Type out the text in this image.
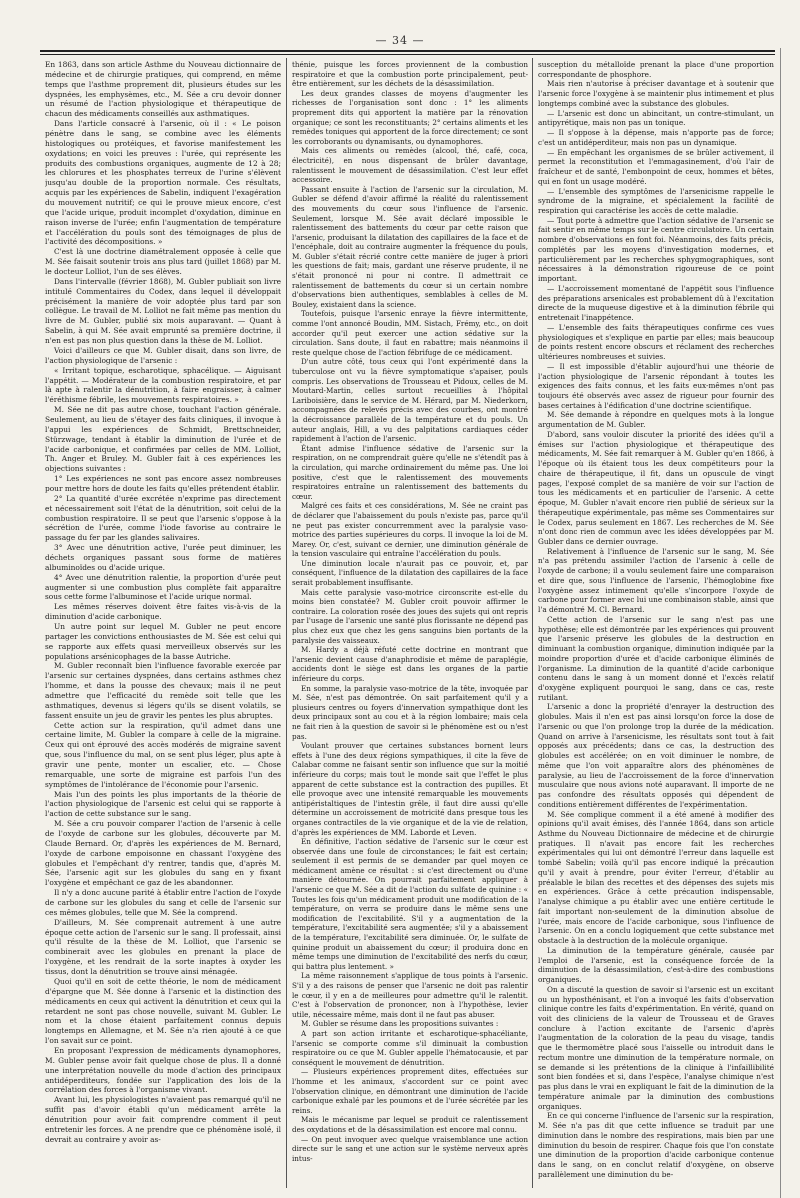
— 34 —

En 1863, dans son article Asthme du Nouveau dictionnaire de médecine et de chirurgie pratiques, qui comprend, en même temps que l'asthme proprement dit, plusieurs études sur les dyspnées, les emphysèmes, etc., M. Sée a cru devoir donner un résumé de l'action physiologique et thérapeutique de chacun des médicaments conseillés aux asthmatiques.

Dans l'article consacré à l'arsenic, où il : « Le poison pénètre dans le sang, se combine avec les éléments histologiques ou protéiques, et favorise manifestement les oxydations; en voici les preuves : l'urée, qui représente les produits des combustions organiques, augmente de 12 à 28; les chlorures et les phosphates terreux de l'urine s'élèvent jusqu'au double de la proportion normale. Ces résultats, acquis par les expériences de Sabelin, indiquent l'exagération du mouvement nutritif; ce qui le prouve mieux encore, c'est que l'acide urique, produit incomplet d'oxydation, diminue en raison inverse de l'urée; enfin l'augmentation de température et l'accélération du pouls sont des témoignages de plus de l'activité des décompositions. »

C'est là une doctrine diamétralement opposée à celle que M. Sée faisait soutenir trois ans plus tard (juillet 1868) par M. le docteur Lolliot, l'un de ses élèves.

Dans l'intervalle (février 1868), M. Gubler publiait son livre intitulé Commentaires du Codex, dans lequel il développait précisément la manière de voir adoptée plus tard par son collègue. Le travail de M. Lolliot ne fait même pas mention du livre de M. Gubler, publié six mois auparavant. — Quant à Sabelin, à qui M. Sée avait emprunté sa première doctrine, il n'en est pas non plus question dans la thèse de M. Lolliot.

Voici d'ailleurs ce que M. Gubler disait, dans son livre, de l'action physiologique de l'arsenic :

« Irritant topique, escharotique, sphacélique. — Aiguisant l'appétit. — Modérateur de la combustion respiratoire, et par là apte à ralentir la dénutrition, à faire engraisser, à calmer l'éréthisme fébrile, les mouvements respiratoires. »

M. Sée ne dit pas autre chose, touchant l'action générale. Seulement, au lieu de s'étayer des faits cliniques, il invoque à l'appui les expériences de Schmidt, Brettschneider, Stürzwage, tendant à établir la diminution de l'urée et de l'acide carbonique, et confirmées par celles de MM. Lolliot, Th. Anger et Bruley. M. Gubler fait à ces expériences les objections suivantes :

1° Les expériences ne sont pas encore assez nombreuses pour mettre hors de doute les faits qu'elles prétendent établir.

2° La quantité d'urée excrétée n'exprime pas directement et nécessairement soit l'état de la dénutrition, soit celui de la combustion respiratoire. Il se peut que l'arsenic s'oppose à la sécrétion de l'urée, comme l'iode favorise au contraire le passage du fer par les glandes salivaires.

3° Avec une dénutrition active, l'urée peut diminuer, les déchets organiques passant sous forme de matières albuminoïdes ou d'acide urique.

4° Avec une dénutrition ralentie, la proportion d'urée peut augmenter si une combustion plus complète fait apparaître sous cette forme l'albuminose et l'acide urique normal.

Les mêmes réserves doivent être faites vis-à-vis de la diminution d'acide carbonique.

Un autre point sur lequel M. Gubler ne peut encore partager les convictions enthousiastes de M. Sée est celui qui se rapporte aux effets quasi merveilleux observés sur les populations arsénicophages de la basse Autriche.

M. Gubler reconnaît bien l'influence favorable exercée par l'arsenic sur certaines dyspnées, dans certains asthmes chez l'homme, et dans la pousse des chevaux; mais il ne peut admettre que l'efficacité du remède soit telle que les asthmatiques, devenus si légers qu'ils se disent volatils, se fassent ensuite un jeu de gravir les pentes les plus abruptes.

Cette action sur la respiration, qu'il admet dans une certaine limite, M. Gubler la compare à celle de la migraine. Ceux qui ont éprouvé des accès modérés de migraine savent que, sous l'influence du mal, on se sent plus léger, plus apte à gravir une pente, monter un escalier, etc. — Chose remarquable, une sorte de migraine est parfois l'un des symptômes de l'intolérance de l'économie pour l'arsenic.

Mais l'un des points les plus importants de la théorie de l'action physiologique de l'arsenic est celui qui se rapporte à l'action de cette substance sur le sang.

M. Sée a cru pouvoir comparer l'action de l'arsenic à celle de l'oxyde de carbone sur les globules, découverte par M. Claude Bernard. Or, d'après les expériences de M. Bernard, l'oxyde de carbone empoisonne en chassant l'oxygène des globules et l'empêchant d'y rentrer, tandis que, d'après M. Sée, l'arsenic agit sur les globules du sang en y fixant l'oxygène et empêchant ce gaz de les abandonner.

Il n'y a donc aucune parité à établir entre l'action de l'oxyde de carbone sur les globules du sang et celle de l'arsenic sur ces mêmes globules, telle que M. Sée la comprend.

D'ailleurs, M. Sée comprenait autrement à une autre époque cette action de l'arsenic sur le sang. Il professait, ainsi qu'il résulte de la thèse de M. Lolliot, que l'arsenic se combinerait avec les globules en prenant la place de l'oxygène, et les rendrait de la sorte inaptes à oxyder les tissus, dont la dénutrition se trouve ainsi ménagée.

Quoi qu'il en soit de cette théorie, le nom de médicament d'épargne que M. Sée donne à l'arsenic et la distinction des médicaments en ceux qui activent la dénutrition et ceux qui la retardent ne sont pas chose nouvelle, suivant M. Gubler. Le nom et la chose étaient parfaitement connus depuis longtemps en Allemagne, et M. Sée n'a rien ajouté à ce que l'on savait sur ce point.

En proposant l'expression de médicaments dynamophores, M. Gubler pense avoir fait quelque chose de plus. Il a donné une interprétation nouvelle du mode d'action des principaux antidéperditeurs, fondée sur l'application des lois de la corrélation des forces à l'organisme vivant.

Avant lui, les physiologistes n'avaient pas remarqué qu'il ne suffit pas d'avoir établi qu'un médicament arrête la dénutrition pour avoir fait comprendre comment il peut entretenir les forces. A ne prendre que ce phénomène isolé, il devrait au contraire y avoir as-

thénie, puisque les forces proviennent de la combustion respiratoire et que la combustion porte principalement, peut-être entièrement, sur les déchets de la désassimilation.

Les deux grandes classes de moyens d'augmenter les richesses de l'organisation sont donc : 1° les aliments proprement dits qui apportent la matière par la rénovation organique; ce sont les reconstituants; 2° certains aliments et les remèdes toniques qui apportent de la force directement; ce sont les corroborants ou dynamisants, ou dynamophores.

Mais ces aliments ou remèdes (alcool, thé, café, coca, électricité), en nous dispensant de brûler davantage, ralentissent le mouvement de désassimilation. C'est leur effet accessoire.

Passant ensuite à l'action de l'arsenic sur la circulation, M. Gubler se défend d'avoir affirmé la réalité du ralentissement des mouvements du cœur sous l'influence de l'arsenic. Seulement, lorsque M. Sée avait déclaré impossible le ralentissement des battements du cœur par cette raison que l'arsenic, produisant la dilatation des capillaires de la face et de l'encéphale, doit au contraire augmenter la fréquence du pouls, M. Gubler s'était récrié contre cette manière de juger à priori les questions de fait; mais, gardant une réserve prudente, il ne s'était prononcé ni pour ni contre. Il admettrait ce ralentissement de battements du cœur si un certain nombre d'observations bien authentiques, semblables à celles de M. Bouley, existaient dans la science.

Toutefois, puisque l'arsenic enraye la fièvre intermittente, comme l'ont annoncé Boudin, MM. Sistach, Frémy, etc., on doit accorder qu'il peut exercer une action sédative sur la circulation. Sans doute, il faut en rabattre; mais néanmoins il reste quelque chose de l'action fébrifuge de ce médicament.

D'un autre côté, tous ceux qui l'ont expérimenté dans la tuberculose ont vu la fièvre symptomatique s'apaiser, pouls compris. Les observations de Trousseau et Pidoux, celles de M. Moutard-Martin, celles surtout recueillies à l'hôpital Lariboisière, dans le service de M. Hérard, par M. Niederkorn, accompagnées de relevés précis avec des courbes, ont montré la décroissance parallèle de la température et du pouls. Un auteur anglais, Hill, a vu des palpitations cardiaques céder rapidement à l'action de l'arsenic.

Étant admise l'influence sédative de l'arsenic sur la respiration, on ne comprendrait guère qu'elle ne s'étendît pas à la circulation, qui marche ordinairement du même pas. Une loi positive, c'est que le ralentissement des mouvements respiratoires entraîne un ralentissement des battements du cœur.

Malgré ces faits et ces considérations, M. Sée ne craint pas de déclarer que l'abaissement du pouls n'existe pas, parce qu'il ne peut pas exister concurremment avec la paralysie vaso-motrice des parties supérieures du corps. Il invoque la loi de M. Marey. Or, c'est, suivant ce dernier, une diminution générale de la tension vasculaire qui entraîne l'accélération du pouls.

Une diminution locale n'aurait pas ce pouvoir, et, par conséquent, l'influence de la dilatation des capillaires de la face serait probablement insuffisante.

Mais cette paralysie vaso-motrice circonscrite est-elle du moins bien constatée? M. Gubler croit pouvoir affirmer le contraire. La coloration rosée des joues des sujets qui ont repris par l'usage de l'arsenic une santé plus florissante ne dépend pas plus chez eux que chez les gens sanguins bien portants de la paralysie des vaisseaux.

M. Hardy a déjà réfuté cette doctrine en montrant que l'arsenic devient cause d'anaphrodisie et même de paraplégie, accidents dont le siège est dans les organes de la partie inférieure du corps.

En somme, la paralysie vaso-motrice de la tête, invoquée par M. Sée, n'est pas démontrée. On sait parfaitement qu'il y a plusieurs centres ou foyers d'innervation sympathique dont les deux principaux sont au cou et à la région lombaire; mais cela ne fait rien à la question de savoir si le phénomène est ou n'est pas.

Voulant prouver que certaines substances bornent leurs effets à l'une des deux régions sympathiques, il cite la fève de Calabar comme ne faisant sentir son influence que sur la moitié inférieure du corps; mais tout le monde sait que l'effet le plus apparent de cette substance est la contraction des pupilles. Et elle provoque avec une intensité remarquable les mouvements antipéristaltiques de l'intestin grêle, il faut dire aussi qu'elle détermine un accroissement de motricité dans presque tous les organes contractiles de la vie organique et de la vie de relation, d'après les expériences de MM. Laborde et Leven.

En définitive, l'action sédative de l'arsenic sur le cœur est observée dans une foule de circonstances; le fait est certain; seulement il est permis de se demander par quel moyen ce médicament amène ce résultat : si c'est directement ou d'une manière détournée. On pourrait parfaitement appliquer à l'arsenic ce que M. Sée a dit de l'action du sulfate de quinine : « Toutes les fois qu'un médicament produit une modification de la température, on verra se produire dans le même sens une modification de l'excitabilité. S'il y a augmentation de la température, l'excitabilité sera augmentée; s'il y a abaissement de la température, l'excitabilité sera diminuée. Or, le sulfate de quinine produit un abaissement du cœur; il produira donc en même temps une diminution de l'excitabilité des nerfs du cœur, qui battra plus lentement. »

La même raisonnement s'applique de tous points à l'arsenic. S'il y a des raisons de penser que l'arsenic ne doit pas ralentir le cœur, il y en a de meilleures pour admettre qu'il le ralentit. C'est à l'observation de prononcer, non à l'hypothèse, levier utile, nécessaire même, mais dont il ne faut pas abuser.

M. Gubler se résume dans les propositions suivantes :

A part son action irritante et escharotique-sphacéliante, l'arsenic se comporte comme s'il diminuait la combustion respiratoire ou ce que M. Gubler appelle l'hématocausie, et par conséquent le mouvement de dénutrition.

— Plusieurs expériences proprement dites, effectuées sur l'homme et les animaux, s'accordent sur ce point avec l'observation clinique, en démontrant une diminution de l'acide carbonique exhalé par les poumons et de l'urée sécrétée par les reins.

Mais le mécanisme par lequel se produit ce ralentissement des oxydations et de la désassimilation est encore mal connu.

— On peut invoquer avec quelque vraisemblance une action directe sur le sang et une action sur le système nerveux après intus-

susception du métalloïde prenant la place d'une proportion correspondante de phosphore.

Mais rien n'autorise à préciser davantage et à soutenir que l'arsenic force l'oxygène à se maintenir plus intimement et plus longtemps combiné avec la substance des globules.

— L'arsenic est donc un abincitant, un contre-stimulant, un antipyrétique, mais non pas un tonique.

— Il s'oppose à la dépense, mais n'apporte pas de force; c'est un antidéperditeur, mais non pas un dynamique.

— En empêchant les organismes de se brûler activement, il permet la reconstitution et l'emmagasinement, d'où l'air de fraîcheur et de santé, l'embonpoint de ceux, hommes et bêtes, qui en font un usage modéré.

— L'ensemble des symptômes de l'arsenicisme rappelle le syndrome de la migraine, et spécialement la facilité de respiration qui caractérise les accès de cette maladie.

— Tout porte à admettre que l'action sédative de l'arsenic se fait sentir en même temps sur le centre circulatoire. Un certain nombre d'observations en font foi. Néanmoins, des faits précis, complétés par les moyens d'investigation modernes, et particulièrement par les recherches sphygmographiques, sont nécessaires à la démonstration rigoureuse de ce point important.

— L'accroissement momentané de l'appétit sous l'influence des préparations arsenicales est probablement dû à l'excitation directe de la muqueuse digestive et à la diminution fébrile qui entretenait l'inappétence.

— L'ensemble des faits thérapeutiques confirme ces vues physiologiques et s'explique en partie par elles; mais beaucoup de points restent encore obscurs et réclament des recherches ultérieures nombreuses et suivies.

— Il est impossible d'établir aujourd'hui une théorie de l'action physiologique de l'arsenic répondant à toutes les exigences des faits connus, et les faits eux-mêmes n'ont pas toujours été observés avec assez de rigueur pour fournir des bases certaines à l'édification d'une doctrine scientifique.

M. Sée demande à répondre en quelques mots à la longue argumentation de M. Gubler.

D'abord, sans vouloir discuter la priorité des idées qu'il a émises sur l'action physiologique et thérapeutique des médicaments, M. Sée fait remarquer à M. Gubler qu'en 1866, à l'époque où ils étaient tous les deux compétiteurs pour la chaire de thérapeutique, il fit, dans un opuscule de vingt pages, l'exposé complet de sa manière de voir sur l'action de tous les médicaments et en particulier de l'arsenic. A cette époque, M. Gubler n'avait encore rien publié de sérieux sur la thérapeutique expérimentale, pas même ses Commentaires sur le Codex, parus seulement en 1867. Les recherches de M. Sée n'ont donc rien de commun avec les idées développées par M. Gubler dans ce dernier ouvrage.

Relativement à l'influence de l'arsenic sur le sang, M. Sée n'a pas prétendu assimiler l'action de l'arsenic à celle de l'oxyde de carbone; il a voulu seulement faire une comparaison et dire que, sous l'influence de l'arsenic, l'hémoglobine fixe l'oxygène assez intimement qu'elle s'incorpore l'oxyde de carbone pour former avec lui une combinaison stable, ainsi que l'a démontré M. Cl. Bernard.

Cette action de l'arsenic sur le sang n'est pas une hypothèse; elle est démontrée par les expériences qui prouvent que l'arsenic préserve les globules de la destruction en diminuant la combustion organique, diminution indiquée par la moindre proportion d'urée et d'acide carbonique éliminés de l'organisme. La diminution de la quantité d'acide carbonique contenu dans le sang à un moment donné et l'excès relatif d'oxygène expliquent pourquoi le sang, dans ce cas, reste rutilant.

L'arsenic a donc la propriété d'enrayer la destruction des globules. Mais il n'en est pas ainsi lorsqu'on force la dose de l'arsenic ou que l'on prolonge trop la durée de la médication. Quand on arrive à l'arsenicisme, les résultats sont tout à fait opposés aux précédents; dans ce cas, la destruction des globules est accélérée; on en voit diminuer le nombre, de même que l'on voit apparaître alors des phénomènes de paralysie, au lieu de l'accroissement de la force d'innervation musculaire que nous avions noté auparavant. Il importe de ne pas confondre des résultats opposés qui dépendent de conditions entièrement différentes de l'expérimentation.

M. Sée complique comment il a été amené à modifier des opinions qu'il avait émises, dès l'année 1864, dans son article Asthme du Nouveau Dictionnaire de médecine et de chirurgie pratiques. Il n'avait pas encore fait les recherches expérimentales qui lui ont démontré l'erreur dans laquelle est tombé Sabelin; voilà qu'il pas encore indiqué la précaution qu'il y avait à prendre, pour éviter l'erreur, d'établir au préalable le bilan des recettes et des dépenses des sujets mis en expériences. Grâce à cette précaution indispensable, l'analyse chimique a pu établir avec une entière certitude le fait important non-seulement de la diminution absolue de l'urée, mais encore de l'acide carbonique, sous l'influence de l'arsenic. On en a conclu logiquement que cette substance met obstacle à la destruction de la molécule organique.

La diminution de la température générale, causée par l'emploi de l'arsenic, est la conséquence forcée de la diminution de la désassimilation, c'est-à-dire des combustions organiques.

On a discuté la question de savoir si l'arsenic est un excitant ou un hyposthénisant, et l'on a invoqué les faits d'observation clinique contre les faits d'expérimentation. En vérité, quand on voit des cliniciens de la valeur de Trousseau et de Graves conclure à l'action excitante de l'arsenic d'après l'augmentation de la coloration de la peau du visage, tandis que le thermomètre placé sous l'aisselle ou introduit dans le rectum montre une diminution de la température normale, on se demande si les prétentions de la clinique à l'infaillibilité sont bien fondées et si, dans l'espèce, l'analyse chimique n'est pas plus dans le vrai en expliquant le fait de la diminution de la température animale par la diminution des combustions organiques.

En ce qui concerne l'influence de l'arsenic sur la respiration, M. Sée n'a pas dit que cette influence se traduit par une diminution dans le nombre des respirations, mais bien par une diminution du besoin de respirer. Chaque fois que l'on constate une diminution de la proportion d'acide carbonique contenue dans le sang, on en conclut relatif d'oxygène, on observe parallèlement une diminution du be-
